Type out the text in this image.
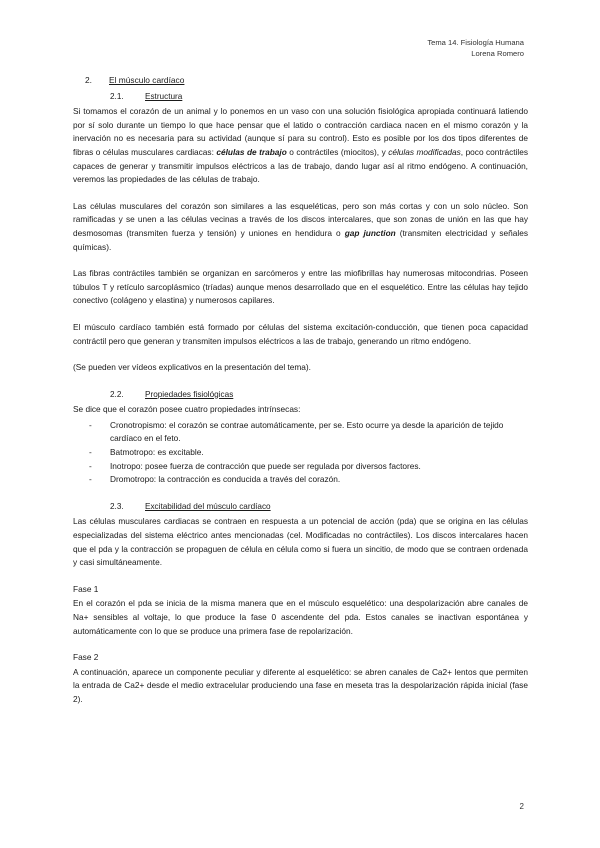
Tema 14. Fisiología Humana
Lorena Romero
2. El músculo cardíaco
2.1.	Estructura

Si tomamos el corazón de un animal y lo ponemos en un vaso con una solución fisiológica apropiada continuará latiendo por sí solo durante un tiempo lo que hace pensar que el latido o contracción cardiaca nacen en el mismo corazón y la inervación no es necesaria para su actividad (aunque sí para su control). Esto es posible por los dos tipos diferentes de fibras o células musculares cardiacas: células de trabajo o contráctiles (miocitos), y células modificadas, poco contráctiles capaces de generar y transmitir impulsos eléctricos a las de trabajo, dando lugar así al ritmo endógeno. A continuación, veremos las propiedades de las células de trabajo.

Las células musculares del corazón son similares a las esqueléticas, pero son más cortas y con un solo núcleo. Son ramificadas y se unen a las células vecinas a través de los discos intercalares, que son zonas de unión en las que hay desmosomas (transmiten fuerza y tensión) y uniones en hendidura o gap junction (transmiten electricidad y señales químicas).

Las fibras contráctiles también se organizan en sarcómeros y entre las miofibrillas hay numerosas mitocondrias. Poseen túbulos T y retículo sarcoplásmico (tríadas) aunque menos desarrollado que en el esquelético. Entre las células hay tejido conectivo (colágeno y elastina) y numerosos capilares.

El músculo cardíaco también está formado por células del sistema excitación-conducción, que tienen poca capacidad contráctil pero que generan y transmiten impulsos eléctricos a las de trabajo, generando un ritmo endógeno.

(Se pueden ver vídeos explicativos en la presentación del tema).

2.2.	Propiedades fisiológicas

Se dice que el corazón posee cuatro propiedades intrínsecas:

- Cronotropismo: el corazón se contrae automáticamente, per se. Esto ocurre ya desde la aparición de tejido cardíaco en el feto.
- Batmotropo: es excitable.
- Inotropo: posee fuerza de contracción que puede ser regulada por diversos factores.
- Dromotropo: la contracción es conducida a través del corazón.
2.3.	Excitabilidad del músculo cardíaco

Las células musculares cardiacas se contraen en respuesta a un potencial de acción (pda) que se origina en las células especializadas del sistema eléctrico antes mencionadas (cel. Modificadas no contráctiles). Los discos intercalares hacen que el pda y la contracción se propaguen de célula en célula como si fuera un sincitio, de modo que se contraen ordenada y casi simultáneamente.

Fase 1

En el corazón el pda se inicia de la misma manera que en el músculo esquelético: una despolarización abre canales de Na+ sensibles al voltaje, lo que produce la fase 0 ascendente del pda. Estos canales se inactivan espontánea y automáticamente con lo que se produce una primera fase de repolarización.

Fase 2

A continuación, aparece un componente peculiar y diferente al esquelético: se abren canales de Ca2+ lentos que permiten la entrada de Ca2+ desde el medio extracelular produciendo una fase en meseta tras la despolarización rápida inicial (fase 2).

2
